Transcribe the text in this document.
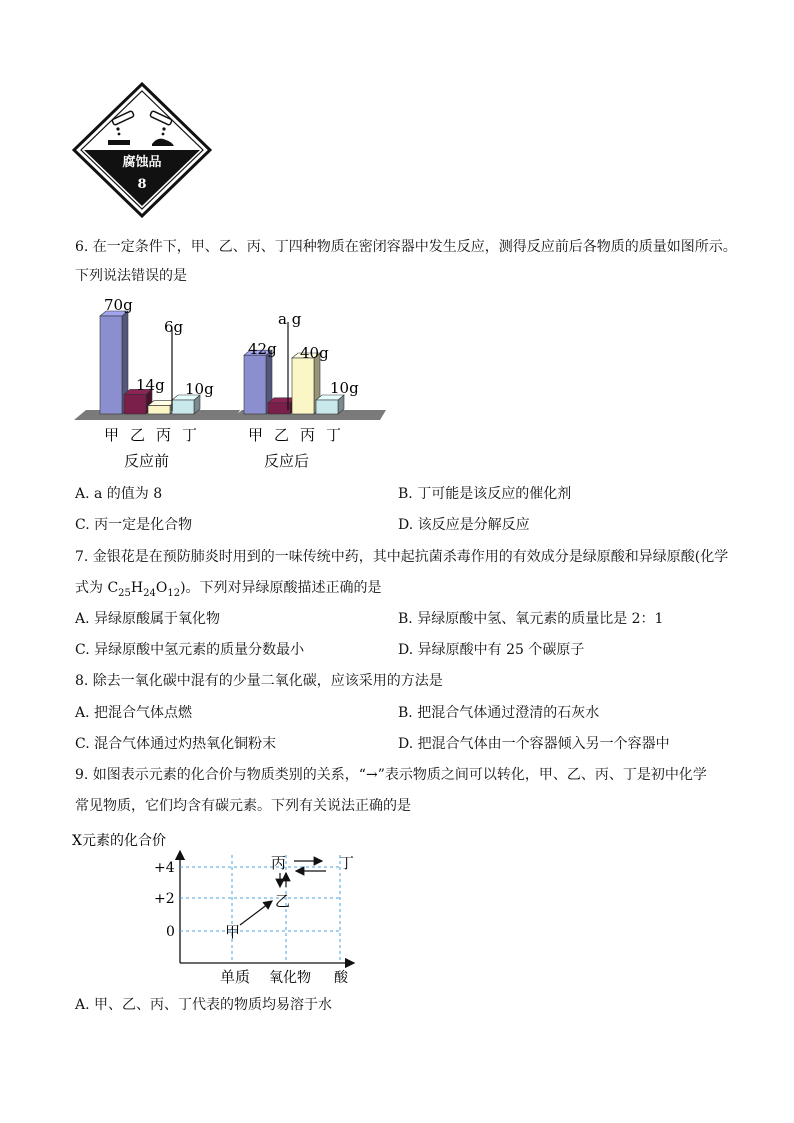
腐蚀品
8
6. 在一定条件下，甲、乙、丙、丁四种物质在密闭容器中发生反应，测得反应前后各物质的质量如图所示。
下列说法错误的是
70g
14g
6g
10g
42g
a g
40g
10g
甲 乙 丙 丁	甲 乙 丙 丁
反应前	反应后
A. a 的值为 8	B. 丁可能是该反应的催化剂
C. 丙一定是化合物	D. 该反应是分解反应
7. 金银花是在预防肺炎时用到的一味传统中药，其中起抗菌杀毒作用的有效成分是绿原酸和异绿原酸(化学
式为 $C_{25}H_{24}O_{12}$)。下列对异绿原酸描述正确的是
A. 异绿原酸属于氧化物	B. 异绿原酸中氢、氧元素的质量比是 2：1
C. 异绿原酸中氢元素的质量分数最小	D. 异绿原酸中有 25 个碳原子
8. 除去一氧化碳中混有的少量二氧化碳，应该采用的方法是
A. 把混合气体点燃	B. 把混合气体通过澄清的石灰水
C. 混合气体通过灼热氧化铜粉末	D. 把混合气体由一个容器倾入另一个容器中
9. 如图表示元素的化合价与物质类别的关系，“→”表示物质之间可以转化，甲、乙、丙、丁是初中化学
常见物质，它们均含有碳元素。下列有关说法正确的是
X元素的化合价
+4
+2
0
单质 氧化物 酸
甲
乙
丙	丁
A. 甲、乙、丙、丁代表的物质均易溶于水
